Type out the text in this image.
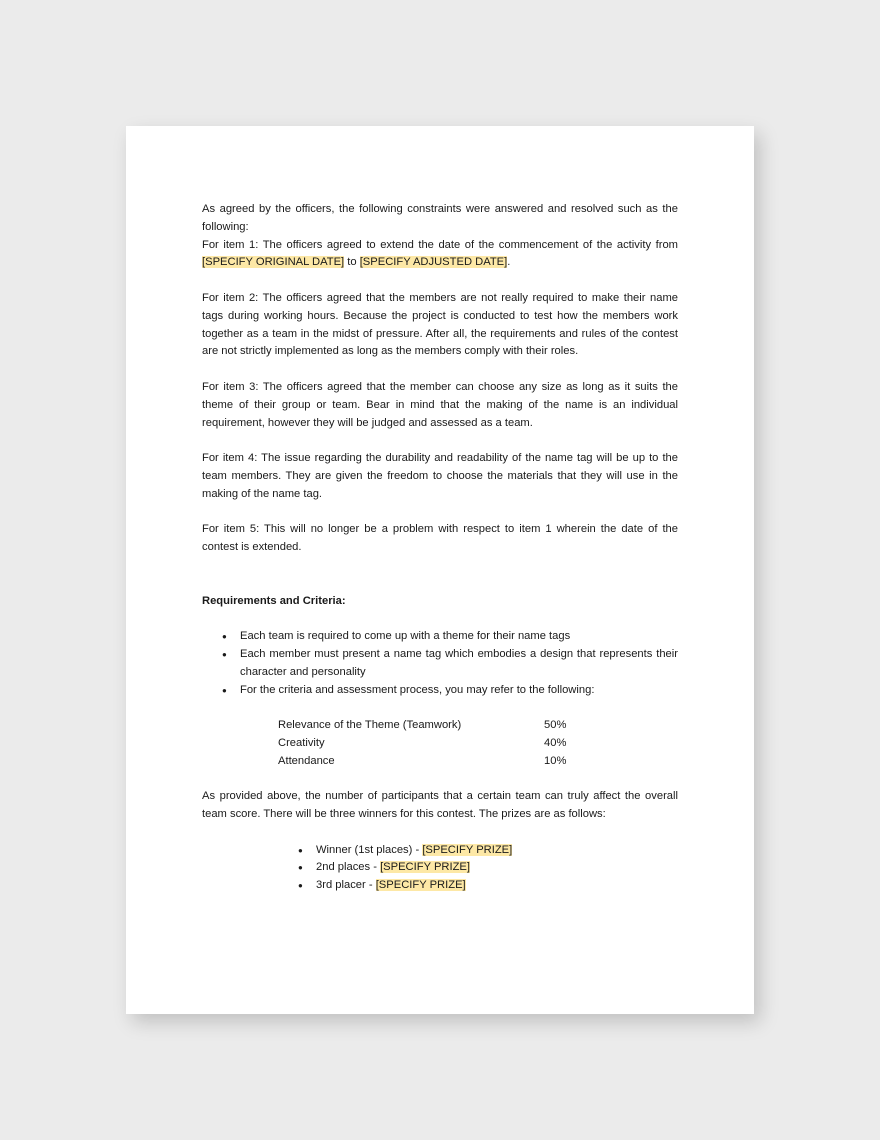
As agreed by the officers, the following constraints were answered and resolved such as the following:

For item 1: The officers agreed to extend the date of the commencement of the activity from [SPECIFY ORIGINAL DATE] to [SPECIFY ADJUSTED DATE].

For item 2: The officers agreed that the members are not really required to make their name tags during working hours. Because the project is conducted to test how the members work together as a team in the midst of pressure. After all, the requirements and rules of the contest are not strictly implemented as long as the members comply with their roles.

For item 3: The officers agreed that the member can choose any size as long as it suits the theme of their group or team. Bear in mind that the making of the name is an individual requirement, however they will be judged and assessed as a team.

For item 4: The issue regarding the durability and readability of the name tag will be up to the team members. They are given the freedom to choose the materials that they will use in the making of the name tag.

For item 5: This will no longer be a problem with respect to item 1 wherein the date of the contest is extended.

Requirements and Criteria:

● Each team is required to come up with a theme for their name tags
● Each member must present a name tag which embodies a design that represents their character and personality
● For the criteria and assessment process, you may refer to the following:
Relevance of the Theme (Teamwork)	50%
Creativity	40%
Attendance	10%

As provided above, the number of participants that a certain team can truly affect the overall team score. There will be three winners for this contest. The prizes are as follows:

● Winner (1st places) - [SPECIFY PRIZE]
● 2nd places - [SPECIFY PRIZE]
● 3rd placer - [SPECIFY PRIZE]
